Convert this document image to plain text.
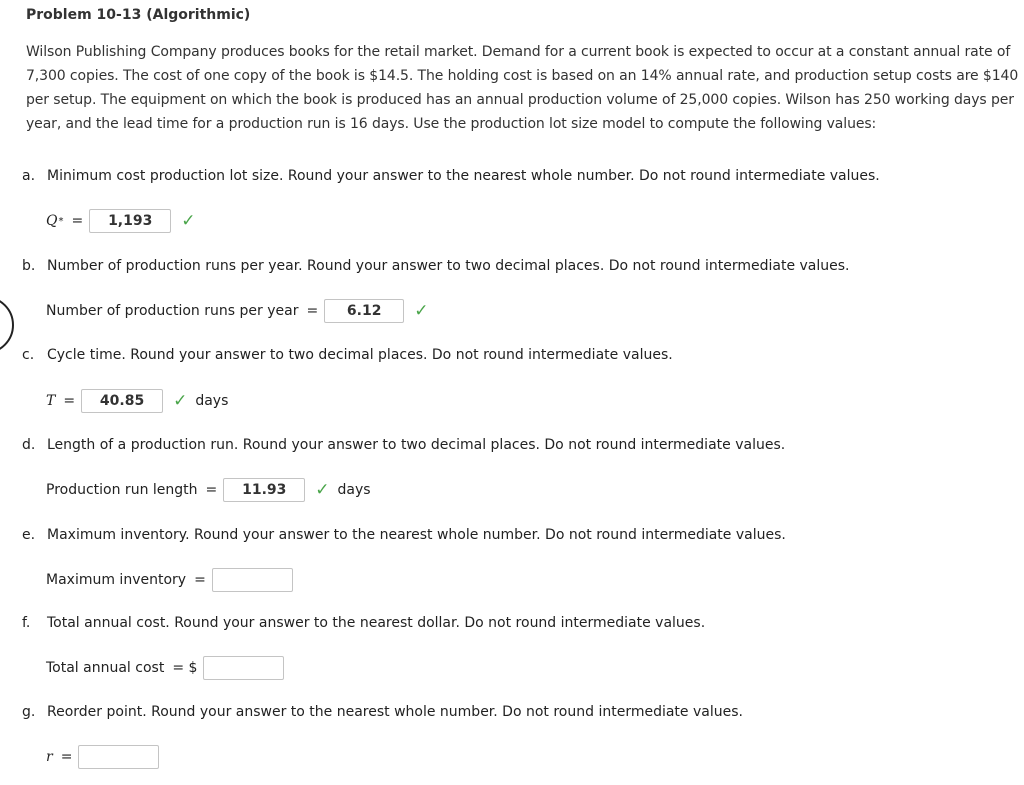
Problem 10-13 (Algorithmic)
Wilson Publishing Company produces books for the retail market. Demand for a current book is expected to occur at a constant annual rate of 7,300 copies. The cost of one copy of the book is $14.5. The holding cost is based on an 14% annual rate, and production setup costs are $140 per setup. The equipment on which the book is produced has an annual production volume of 25,000 copies. Wilson has 250 working days per year, and the lead time for a production run is 16 days. Use the production lot size model to compute the following values:
a. Minimum cost production lot size. Round your answer to the nearest whole number. Do not round intermediate values.
Q * =	1,193	✓
b. Number of production runs per year. Round your answer to two decimal places. Do not round intermediate values.
Number of production runs per year =	6.12	✓
c. Cycle time. Round your answer to two decimal places. Do not round intermediate values.
T =	40.85	✓ days
d. Length of a production run. Round your answer to two decimal places. Do not round intermediate values.
Production run length =	11.93	✓ days
e. Maximum inventory. Round your answer to the nearest whole number. Do not round intermediate values.
Maximum inventory =
f. Total annual cost. Round your answer to the nearest dollar. Do not round intermediate values.
Total annual cost = $
g. Reorder point. Round your answer to the nearest whole number. Do not round intermediate values.
r =
